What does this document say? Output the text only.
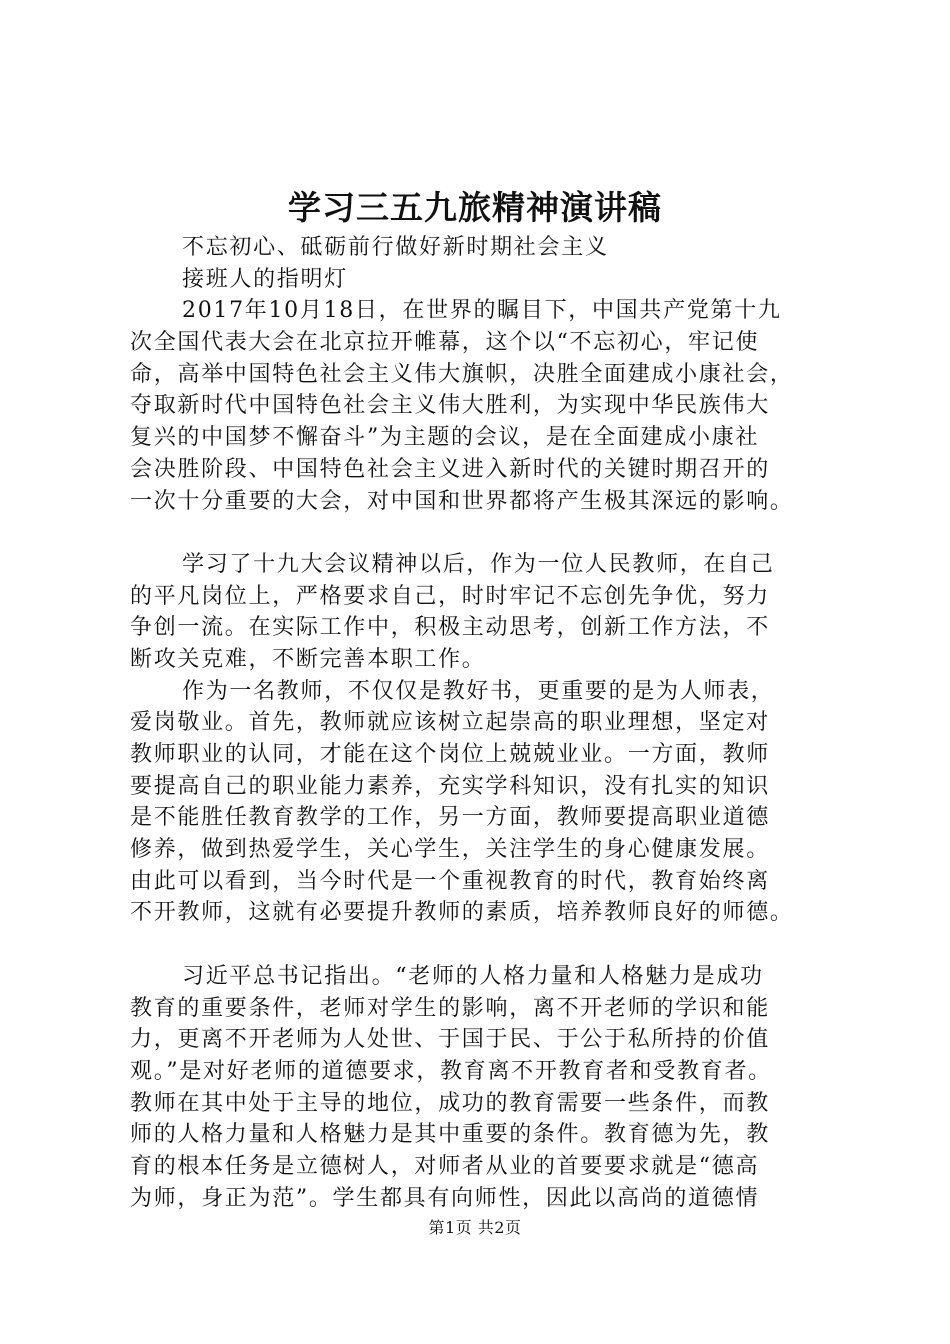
学习三五九旅精神演讲稿
不忘初心、砥砺前行做好新时期社会主义
接班人的指明灯
2017年10月18日，在世界的瞩目下，中国共产党第十九
次全国代表大会在北京拉开帷幕，这个以“不忘初心，牢记使
命，高举中国特色社会主义伟大旗帜，决胜全面建成小康社会，
夺取新时代中国特色社会主义伟大胜利，为实现中华民族伟大
复兴的中国梦不懈奋斗”为主题的会议，是在全面建成小康社
会决胜阶段、中国特色社会主义进入新时代的关键时期召开的
一次十分重要的大会，对中国和世界都将产生极其深远的影响。
学习了十九大会议精神以后，作为一位人民教师，在自己
的平凡岗位上，严格要求自己，时时牢记不忘创先争优，努力
争创一流。在实际工作中，积极主动思考，创新工作方法，不
断攻关克难，不断完善本职工作。
作为一名教师，不仅仅是教好书，更重要的是为人师表，
爱岗敬业。首先，教师就应该树立起崇高的职业理想，坚定对
教师职业的认同，才能在这个岗位上兢兢业业。一方面，教师
要提高自己的职业能力素养，充实学科知识，没有扎实的知识
是不能胜任教育教学的工作，另一方面，教师要提高职业道德
修养，做到热爱学生，关心学生，关注学生的身心健康发展。
由此可以看到，当今时代是一个重视教育的时代，教育始终离
不开教师，这就有必要提升教师的素质，培养教师良好的师德。
习近平总书记指出。“老师的人格力量和人格魅力是成功
教育的重要条件，老师对学生的影响，离不开老师的学识和能
力，更离不开老师为人处世、于国于民、于公于私所持的价值
观。”是对好老师的道德要求，教育离不开教育者和受教育者。
教师在其中处于主导的地位，成功的教育需要一些条件，而教
师的人格力量和人格魅力是其中重要的条件。教育德为先，教
育的根本任务是立德树人，对师者从业的首要要求就是“德高
为师，身正为范”。学生都具有向师性，因此以高尚的道德情
第1页 共2页
